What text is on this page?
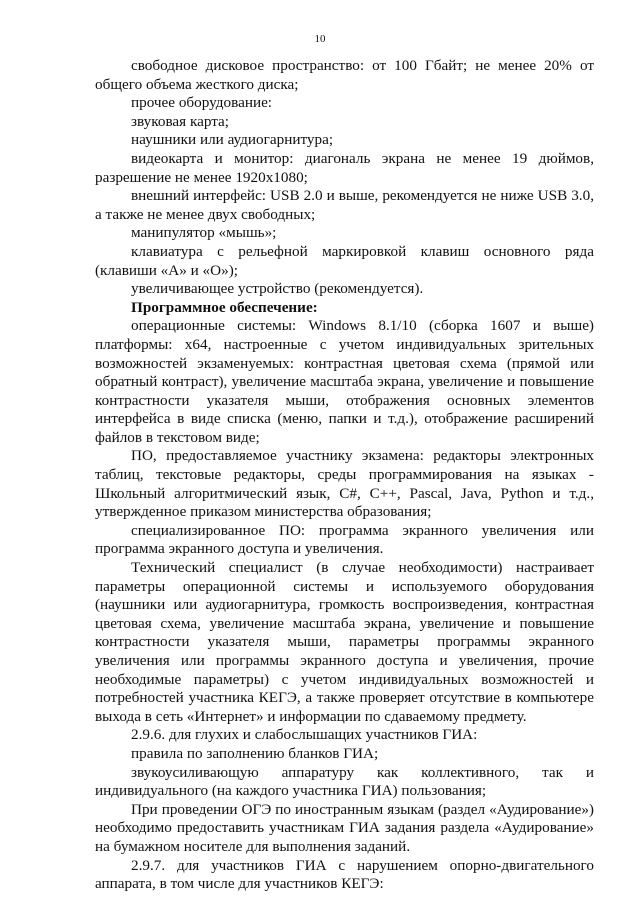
10

свободное дисковое пространство: от 100 Гбайт; не менее 20% от общего объема жесткого диска;

прочее оборудование:

звуковая карта;

наушники или аудиогарнитура;

видеокарта и монитор: диагональ экрана не менее 19 дюймов, разрешение не менее 1920х1080;

внешний интерфейс: USB 2.0 и выше, рекомендуется не ниже USB 3.0, а также не менее двух свободных;

манипулятор «мышь»;

клавиатура с рельефной маркировкой клавиш основного ряда (клавиши «А» и «О»);

увеличивающее устройство (рекомендуется).

Программное обеспечение:

операционные системы: Windows 8.1/10 (сборка 1607 и выше) платформы: x64, настроенные с учетом индивидуальных зрительных возможностей экзаменуемых: контрастная цветовая схема (прямой или обратный контраст), увеличение масштаба экрана, увеличение и повышение контрастности указателя мыши, отображения основных элементов интерфейса в виде списка (меню, папки и т.д.), отображение расширений файлов в текстовом виде;

ПО, предоставляемое участнику экзамена: редакторы электронных таблиц, текстовые редакторы, среды программирования на языках - Школьный алгоритмический язык, C#, C++, Pascal, Java, Python и т.д., утвержденное приказом министерства образования;

специализированное ПО: программа экранного увеличения или программа экранного доступа и увеличения.

Технический специалист (в случае необходимости) настраивает параметры операционной системы и используемого оборудования (наушники или аудиогарнитура, громкость воспроизведения, контрастная цветовая схема, увеличение масштаба экрана, увеличение и повышение контрастности указателя мыши, параметры программы экранного увеличения или программы экранного доступа и увеличения, прочие необходимые параметры) с учетом индивидуальных возможностей и потребностей участника КЕГЭ, а также проверяет отсутствие в компьютере выхода в сеть «Интернет» и информации по сдаваемому предмету.

2.9.6. для глухих и слабослышащих участников ГИА:

правила по заполнению бланков ГИА;

звукоусиливающую аппаратуру как коллективного, так и индивидуального (на каждого участника ГИА) пользования;

При проведении ОГЭ по иностранным языкам (раздел «Аудирование») необходимо предоставить участникам ГИА задания раздела «Аудирование» на бумажном носителе для выполнения заданий.

2.9.7. для участников ГИА с нарушением опорно-двигательного аппарата, в том числе для участников КЕГЭ:
